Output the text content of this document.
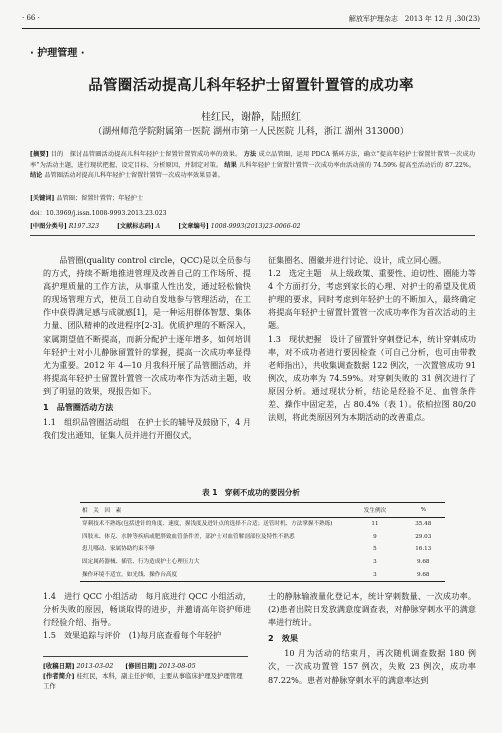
· 66 ·	解放军护理杂志　2013 年 12 月 ,30(23)
· 护理管理 ·
品管圈活动提高儿科年轻护士留置针置管的成功率
桂红民，谢静，陆照红
（湖州师范学院附属第一医院 湖州市第一人民医院 儿科，浙江 湖州 313000）
[摘要] 目的　探讨品管圈活动提高儿科年轻护士留置针置管成功率的效果。 方法 成立品管圈，运用 PDCA 循环方法，确立“提高年轻护士留置针置管一次成功率”为活动主题，进行现状把握、设定目标、分析原因，并制定对策。 结果 儿科年轻护士留置针置管一次成功率由活动前的 74.59% 提高至活动后的 87.22%。 结论 品管圈活动对提高儿科年轻护士留置针置管一次成功率效果显著。
[关键词] 品管圈；留置针置管；年轻护士
doi：10.3969/j.issn.1008-9993.2013.23.023
[中图分类号] R197.323	[文献标志码] A	[文章编号] 1008-9993(2013)23-0066-02

品管圈(quality control circle，QCC)是以全员参与的方式，持续不断地推进管理及改善自己的工作场所、提高护理质量的工作方法，从事重人性出发，通过轻松愉快的现场管理方式，使员工自动自发地参与管理活动，在工作中获得满足感与成就感[1]，是一种运用群体智慧、集体力量、团队精神的改进程序[2-3]。优质护理的不断深入，家属期望值不断提高，而新分配护士逐年增多，如何培训年轻护士对小儿静脉留置针的掌握，提高一次成功率显得尤为重要。2012 年 4—10 月我科开展了品管圈活动，并将提高年轻护士留置针置管一次成功率作为活动主题，收到了明显的效果，现报告如下。

1　品管圈活动方法

1.1　组织品管圈活动组　在护士长的辅导及鼓励下，4 月我们发出通知，征集人员并进行开圈仪式，

征集圈名、圈徽并进行讨论、设计，成立同心圈。

1.2　选定主题　从上级政策、重要性、迫切性、圈能力等 4 个方面打分，考虑到家长的心理、对护士的希望及优质护理的要求，同时考虑到年轻护士的不断加入，最终确定将提高年轻护士留置针置管一次成功率作为首次活动的主题。

1.3　现状把握　设计了留置针穿刺登记本，统计穿刺成功率，对不成功者进行要因检查（可自己分析，也可由带教老师指出），共收集调查数据 122 例次，一次置管成功 91 例次，成功率为 74.59%。对穿刺失败的 31 例次进行了原因分析。通过现状分析，结论是经验不足、血管条件差、操作中固定差，占 80.4%（表 1）。依柏拉图 80/20 法则，将此类原因列为本期活动的改善重点。

表 1　穿刺不成功的要因分析
相　关　因　素	发生例次	%
穿刺技术不熟练(包括进针的角度、速度，握浅度及进针点的选择不合适；送管时机、方法掌握不熟练)	11	35.48
四肢末、体克、水肿等疾病或肥胖致血管条件差，部护士对血管解剖部位及特性不熟悉	9	29.03
患儿哪动、家属协助约束不够	5	16.13
固定属药器械、插管、行为造成护士心理压力大	3	9.68
操作环境不适宜，如光线、操作台高度	3	9.68

1.4　进行 QCC 小组活动　每月底进行 QCC 小组活动，分析失败的原因，畅谈取得的进步，并邀请高年资护师进行经验介绍、指导。

1.5　效果追踪与评价　(1)每月底查看每个年轻护

士的静脉输液量化登记本，统计穿刺数量、一次成功率。(2)患者出院日发放满意度调查表，对静脉穿刺水平的满意率进行统计。

2　效果

10 月为活动的结束月，再次随机调查数据 180 例次，一次成功置管 157 例次，失败 23 例次，成功率 87.22%。患者对静脉穿刺水平的满意率达到

[收稿日期] 2013-03-02 [修回日期] 2013-08-05
[作者简介] 桂红民，本科，副主任护师，主要从事临床护理及护理管理工作
